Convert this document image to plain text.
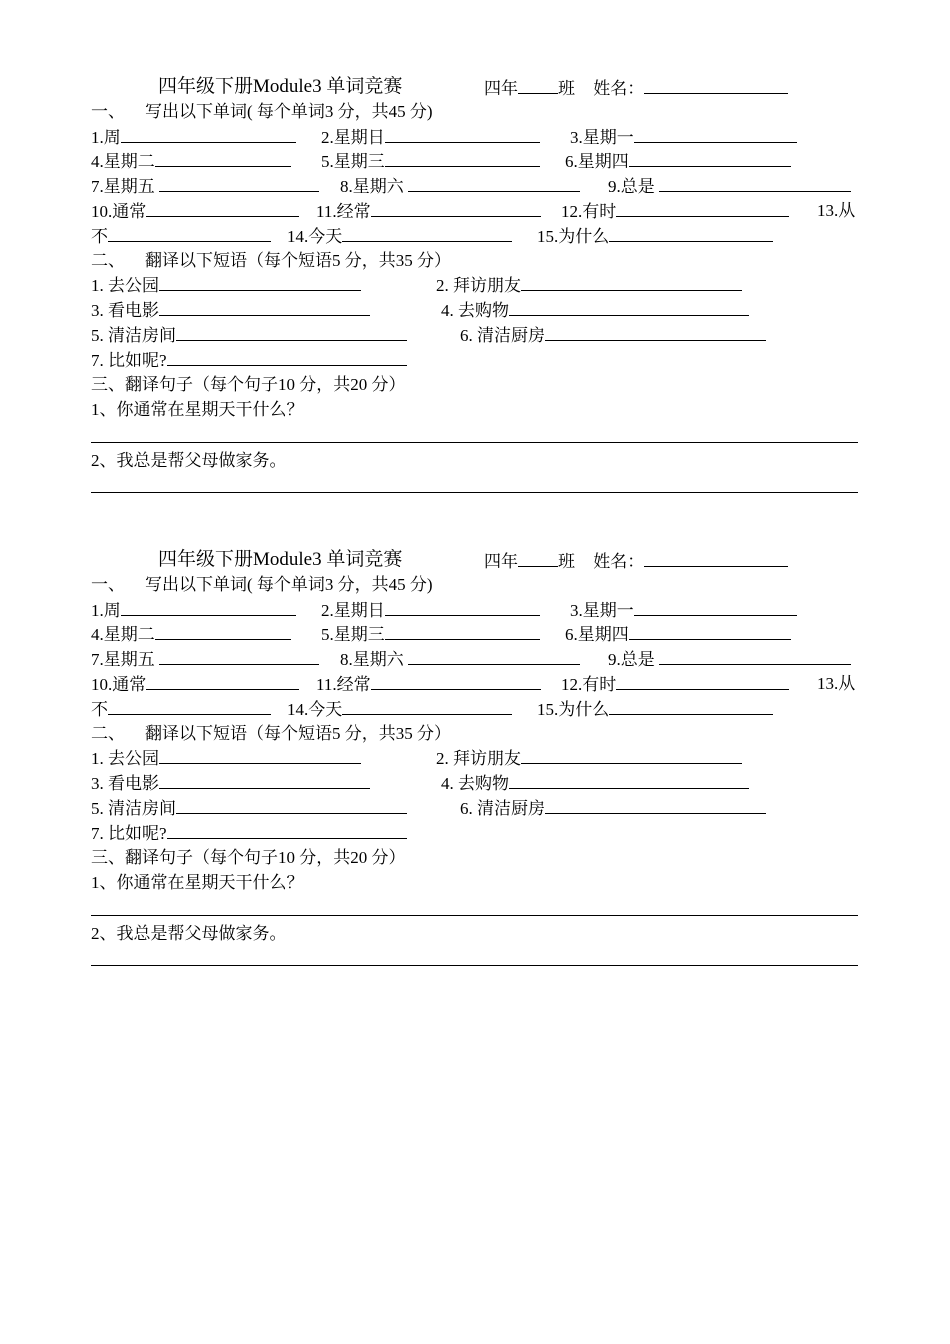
四年级下册Module3 单词竞赛	四年 班 姓名：
一、 写出以下单词( 每个单词3 分，共45 分)
1.周	2.星期日	3.星期一
4.星期二	5.星期三	6.星期四
7.星期五	8.星期六	9.总是
10.通常	11.经常	12.有时	13.从
不	14.今天	15.为什么
二、 翻译以下短语（每个短语5 分，共35 分）
1. 去公园	2. 拜访朋友
3. 看电影	4. 去购物
5. 清洁房间	6. 清洁厨房
7. 比如呢?
三、翻译句子（每个句子10 分，共20 分）
1、你通常在星期天干什么？
2、我总是帮父母做家务。
四年级下册Module3 单词竞赛	四年 班 姓名：
一、 写出以下单词( 每个单词3 分，共45 分)
1.周	2.星期日	3.星期一
4.星期二	5.星期三	6.星期四
7.星期五	8.星期六	9.总是
10.通常	11.经常	12.有时	13.从
不	14.今天	15.为什么
二、 翻译以下短语（每个短语5 分，共35 分）
1. 去公园	2. 拜访朋友
3. 看电影	4. 去购物
5. 清洁房间	6. 清洁厨房
7. 比如呢?
三、翻译句子（每个句子10 分，共20 分）
1、你通常在星期天干什么？
2、我总是帮父母做家务。
